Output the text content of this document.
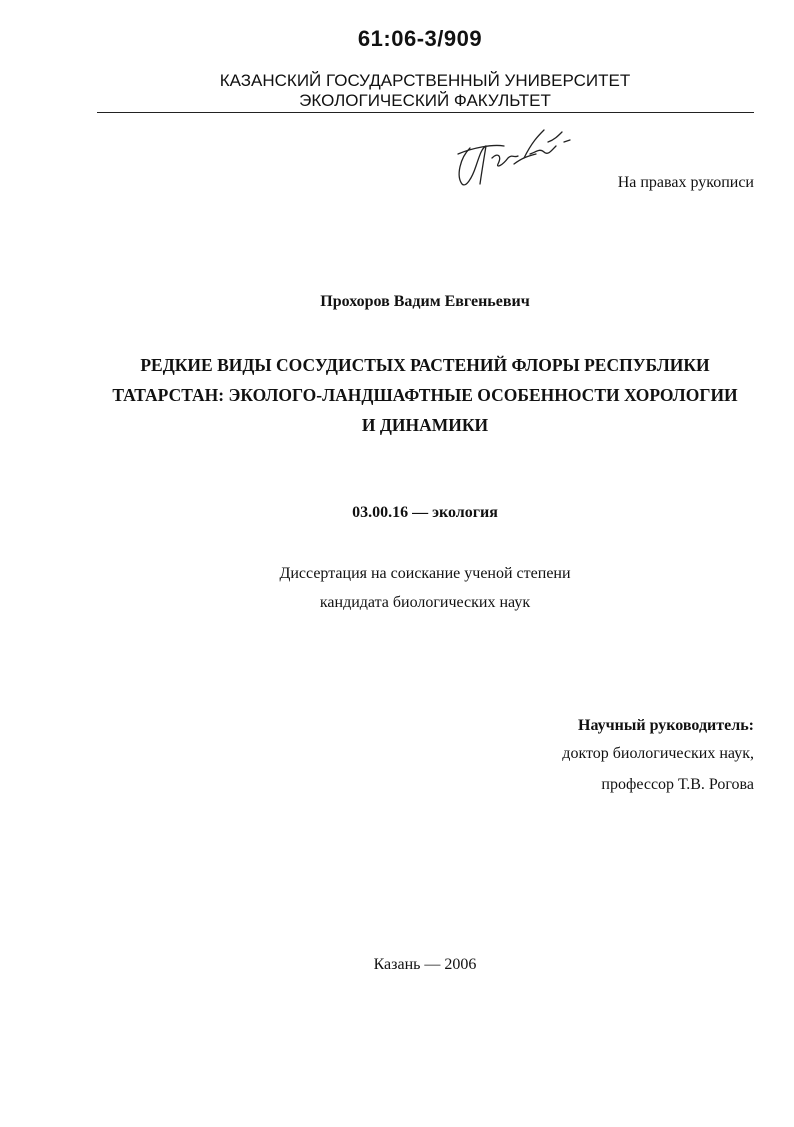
61:06-3/909
КАЗАНСКИЙ ГОСУДАРСТВЕННЫЙ УНИВЕРСИТЕТ
ЭКОЛОГИЧЕСКИЙ ФАКУЛЬТЕТ
На правах рукописи
Прохоров Вадим Евгеньевич
РЕДКИЕ ВИДЫ СОСУДИСТЫХ РАСТЕНИЙ ФЛОРЫ РЕСПУБЛИКИ
ТАТАРСТАН: ЭКОЛОГО-ЛАНДШАФТНЫЕ ОСОБЕННОСТИ ХОРОЛОГИИ
И ДИНАМИКИ
03.00.16 — экология
Диссертация на соискание ученой степени
кандидата биологических наук
Научный руководитель:
доктор биологических наук,
профессор Т.В. Рогова
Казань — 2006
